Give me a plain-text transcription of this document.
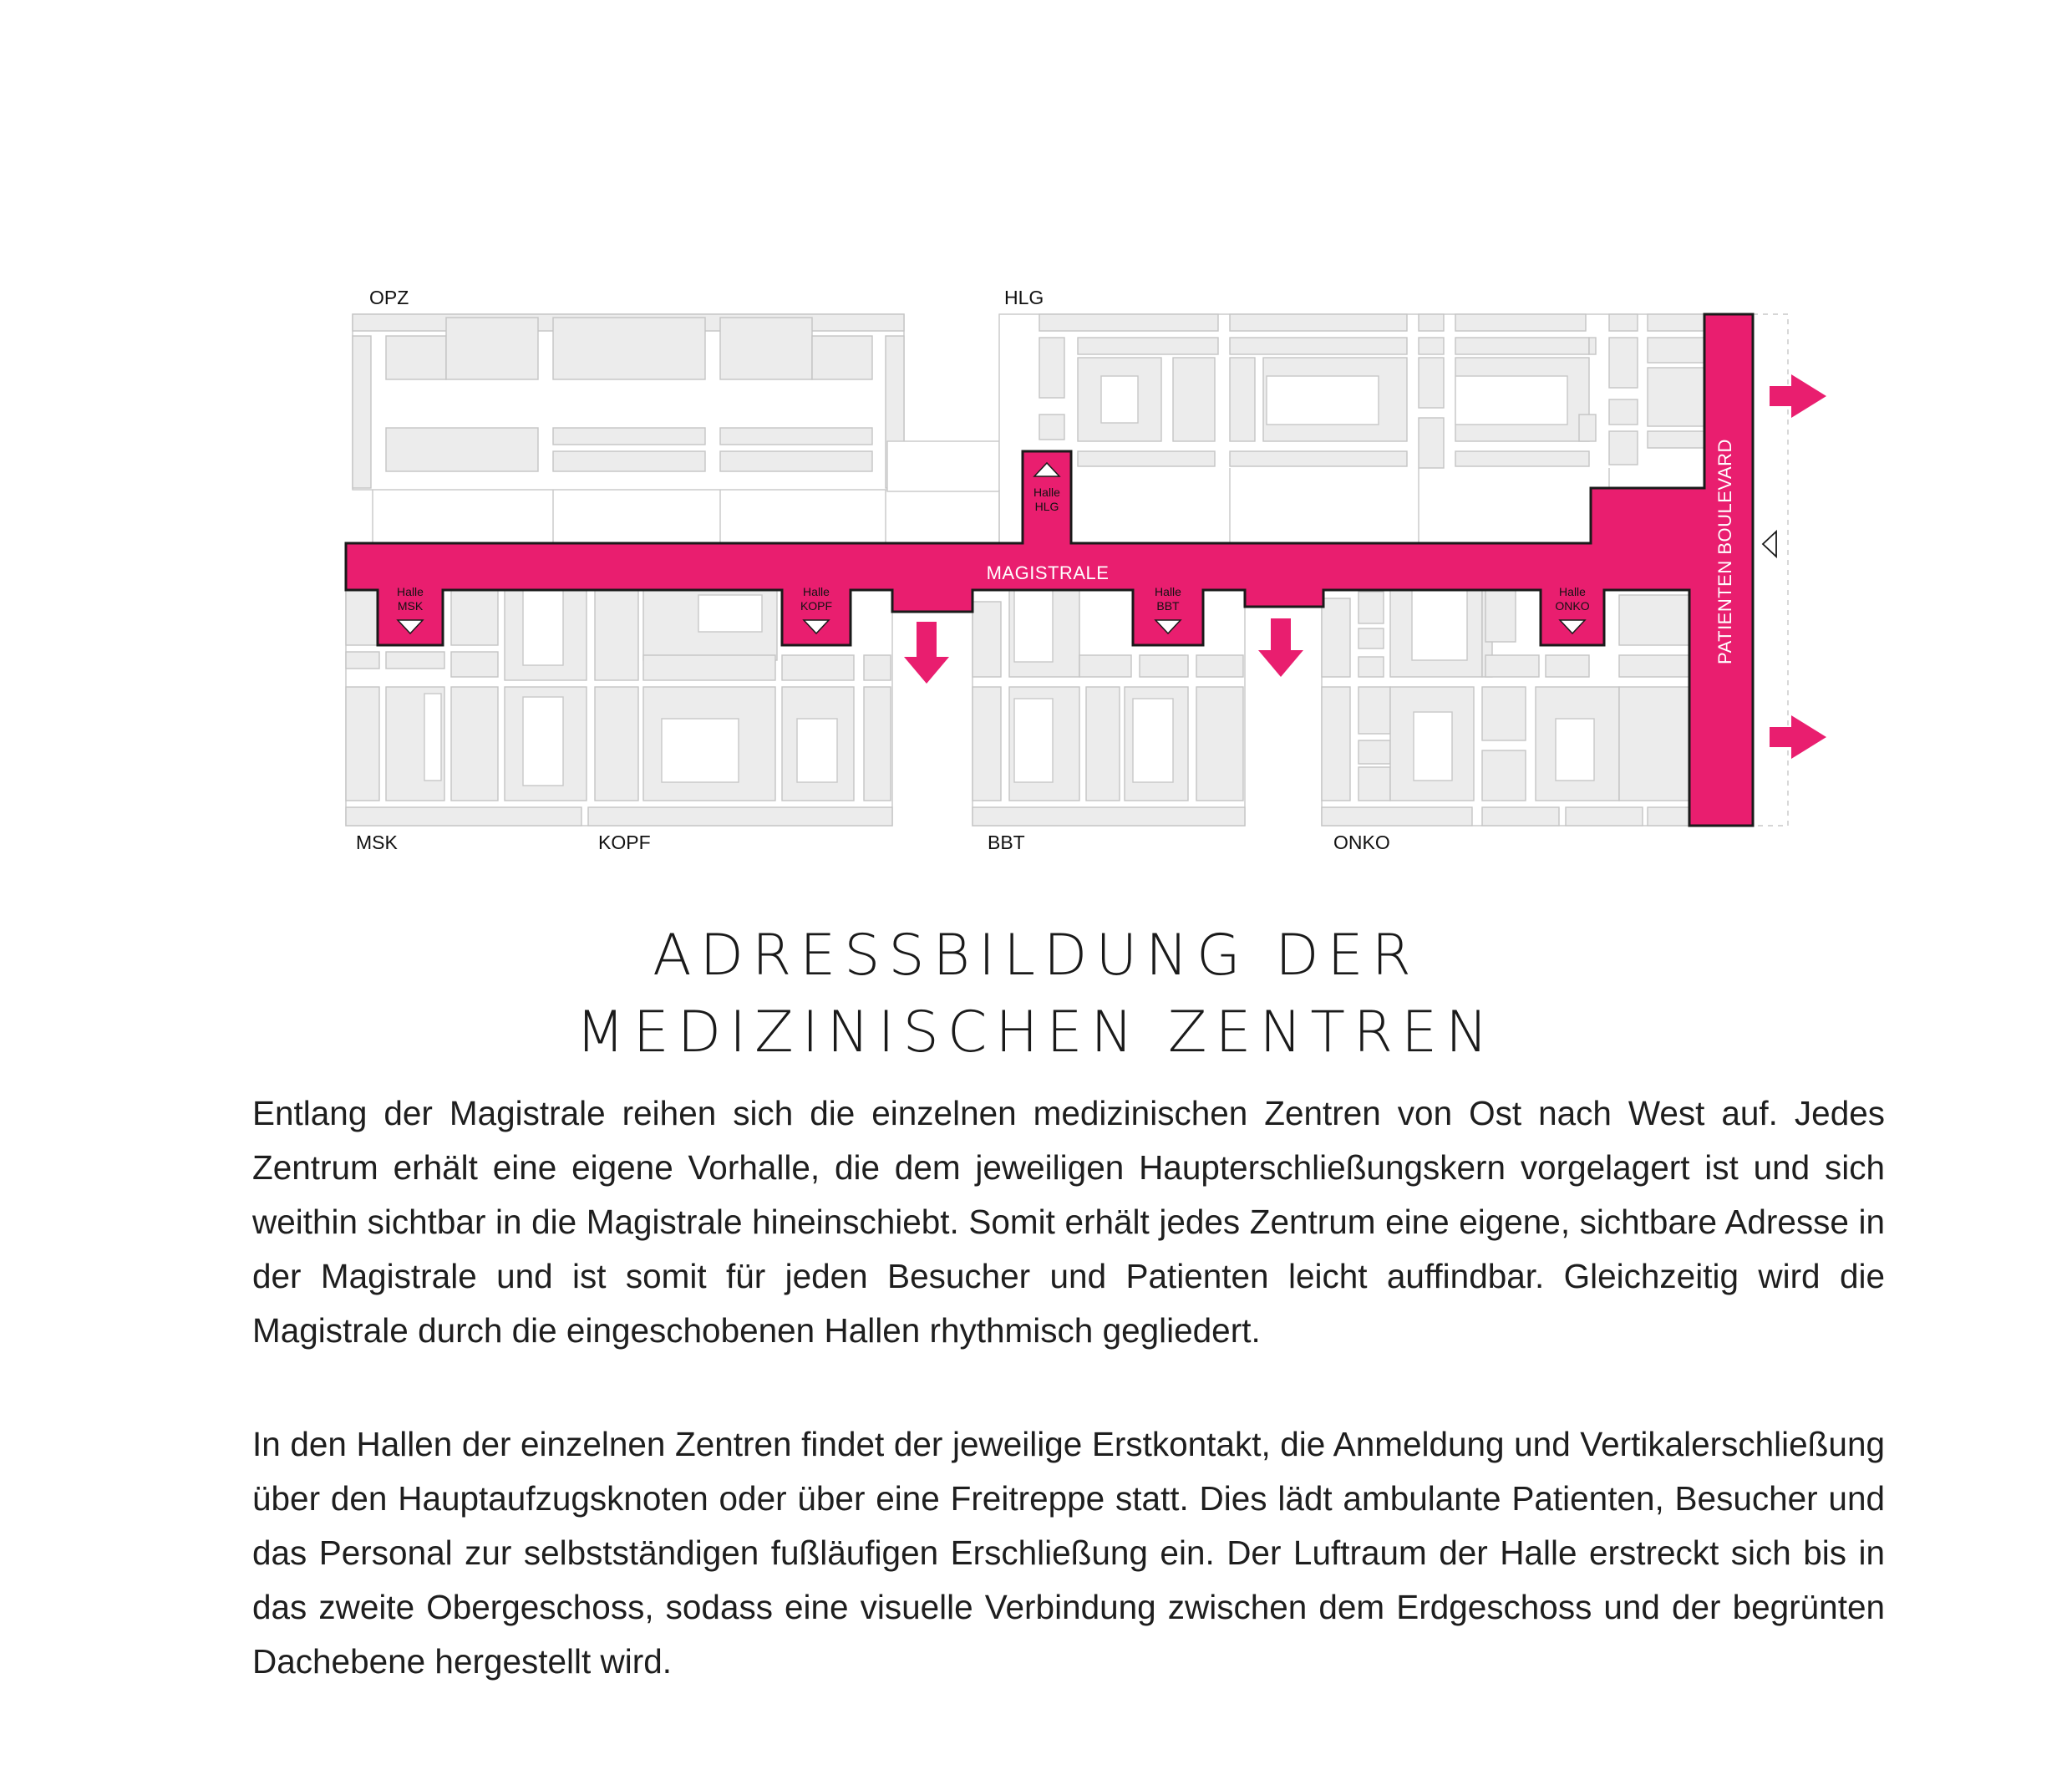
OPZ	HLG
MSK	KOPF	BBT	ONKO
MAGISTRALE	PATIENTEN BOULEVARD
Halle
MSK
Halle
KOPF
Halle
BBT
Halle
ONKO
Halle
HLG
ADRESSBILDUNG DER
MEDIZINISCHEN ZENTREN

Entlang der Magistrale reihen sich die einzelnen medizinischen Zentren von Ost nach West auf. Jedes Zentrum erhält eine eigene Vorhalle, die dem jeweiligen Haupterschließungskern vorgelagert ist und sich weithin sichtbar in die Magistrale hineinschiebt. Somit erhält jedes Zentrum eine eigene, sichtbare Adresse in der Magistrale und ist somit für jeden Besucher und Patienten leicht auffindbar. Gleichzeitig wird die Magistrale durch die eingeschobenen Hallen rhythmisch gegliedert.

In den Hallen der einzelnen Zentren findet der jeweilige Erstkontakt, die Anmeldung und Vertikalerschließung über den Hauptaufzugsknoten oder über eine Freitreppe statt. Dies lädt ambulante Patienten, Besucher und das Personal zur selbstständigen fußläufigen Erschließung ein. Der Luftraum der Halle erstreckt sich bis in das zweite Obergeschoss, sodass eine visuelle Verbindung zwischen dem Erdgeschoss und der begrünten Dachebene hergestellt wird.
